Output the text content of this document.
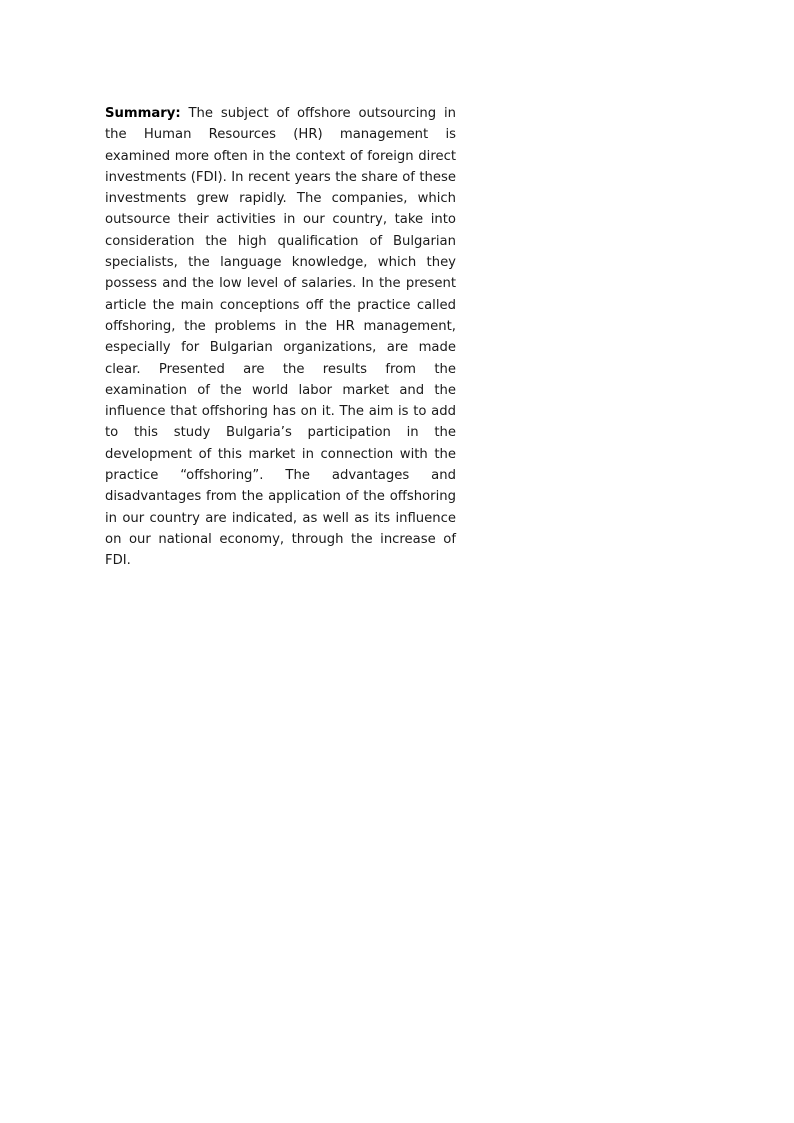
Summary: The subject of offshore outsourcing in the Human Resources (HR) management is examined more often in the context of foreign direct investments (FDI). In recent years the share of these investments grew rapidly. The companies, which outsource their activities in our country, take into consideration the high qualification of Bulgarian specialists, the language knowledge, which they possess and the low level of salaries. In the present article the main conceptions off the practice called offshoring, the problems in the HR management, especially for Bulgarian organizations, are made clear. Presented are the results from the examination of the world labor market and the influence that offshoring has on it. The aim is to add to this study Bulgaria’s participation in the development of this market in connection with the practice “offshoring”. The advantages and disadvantages from the application of the offshoring in our country are indicated, as well as its influence on our national economy, through the increase of FDI.
